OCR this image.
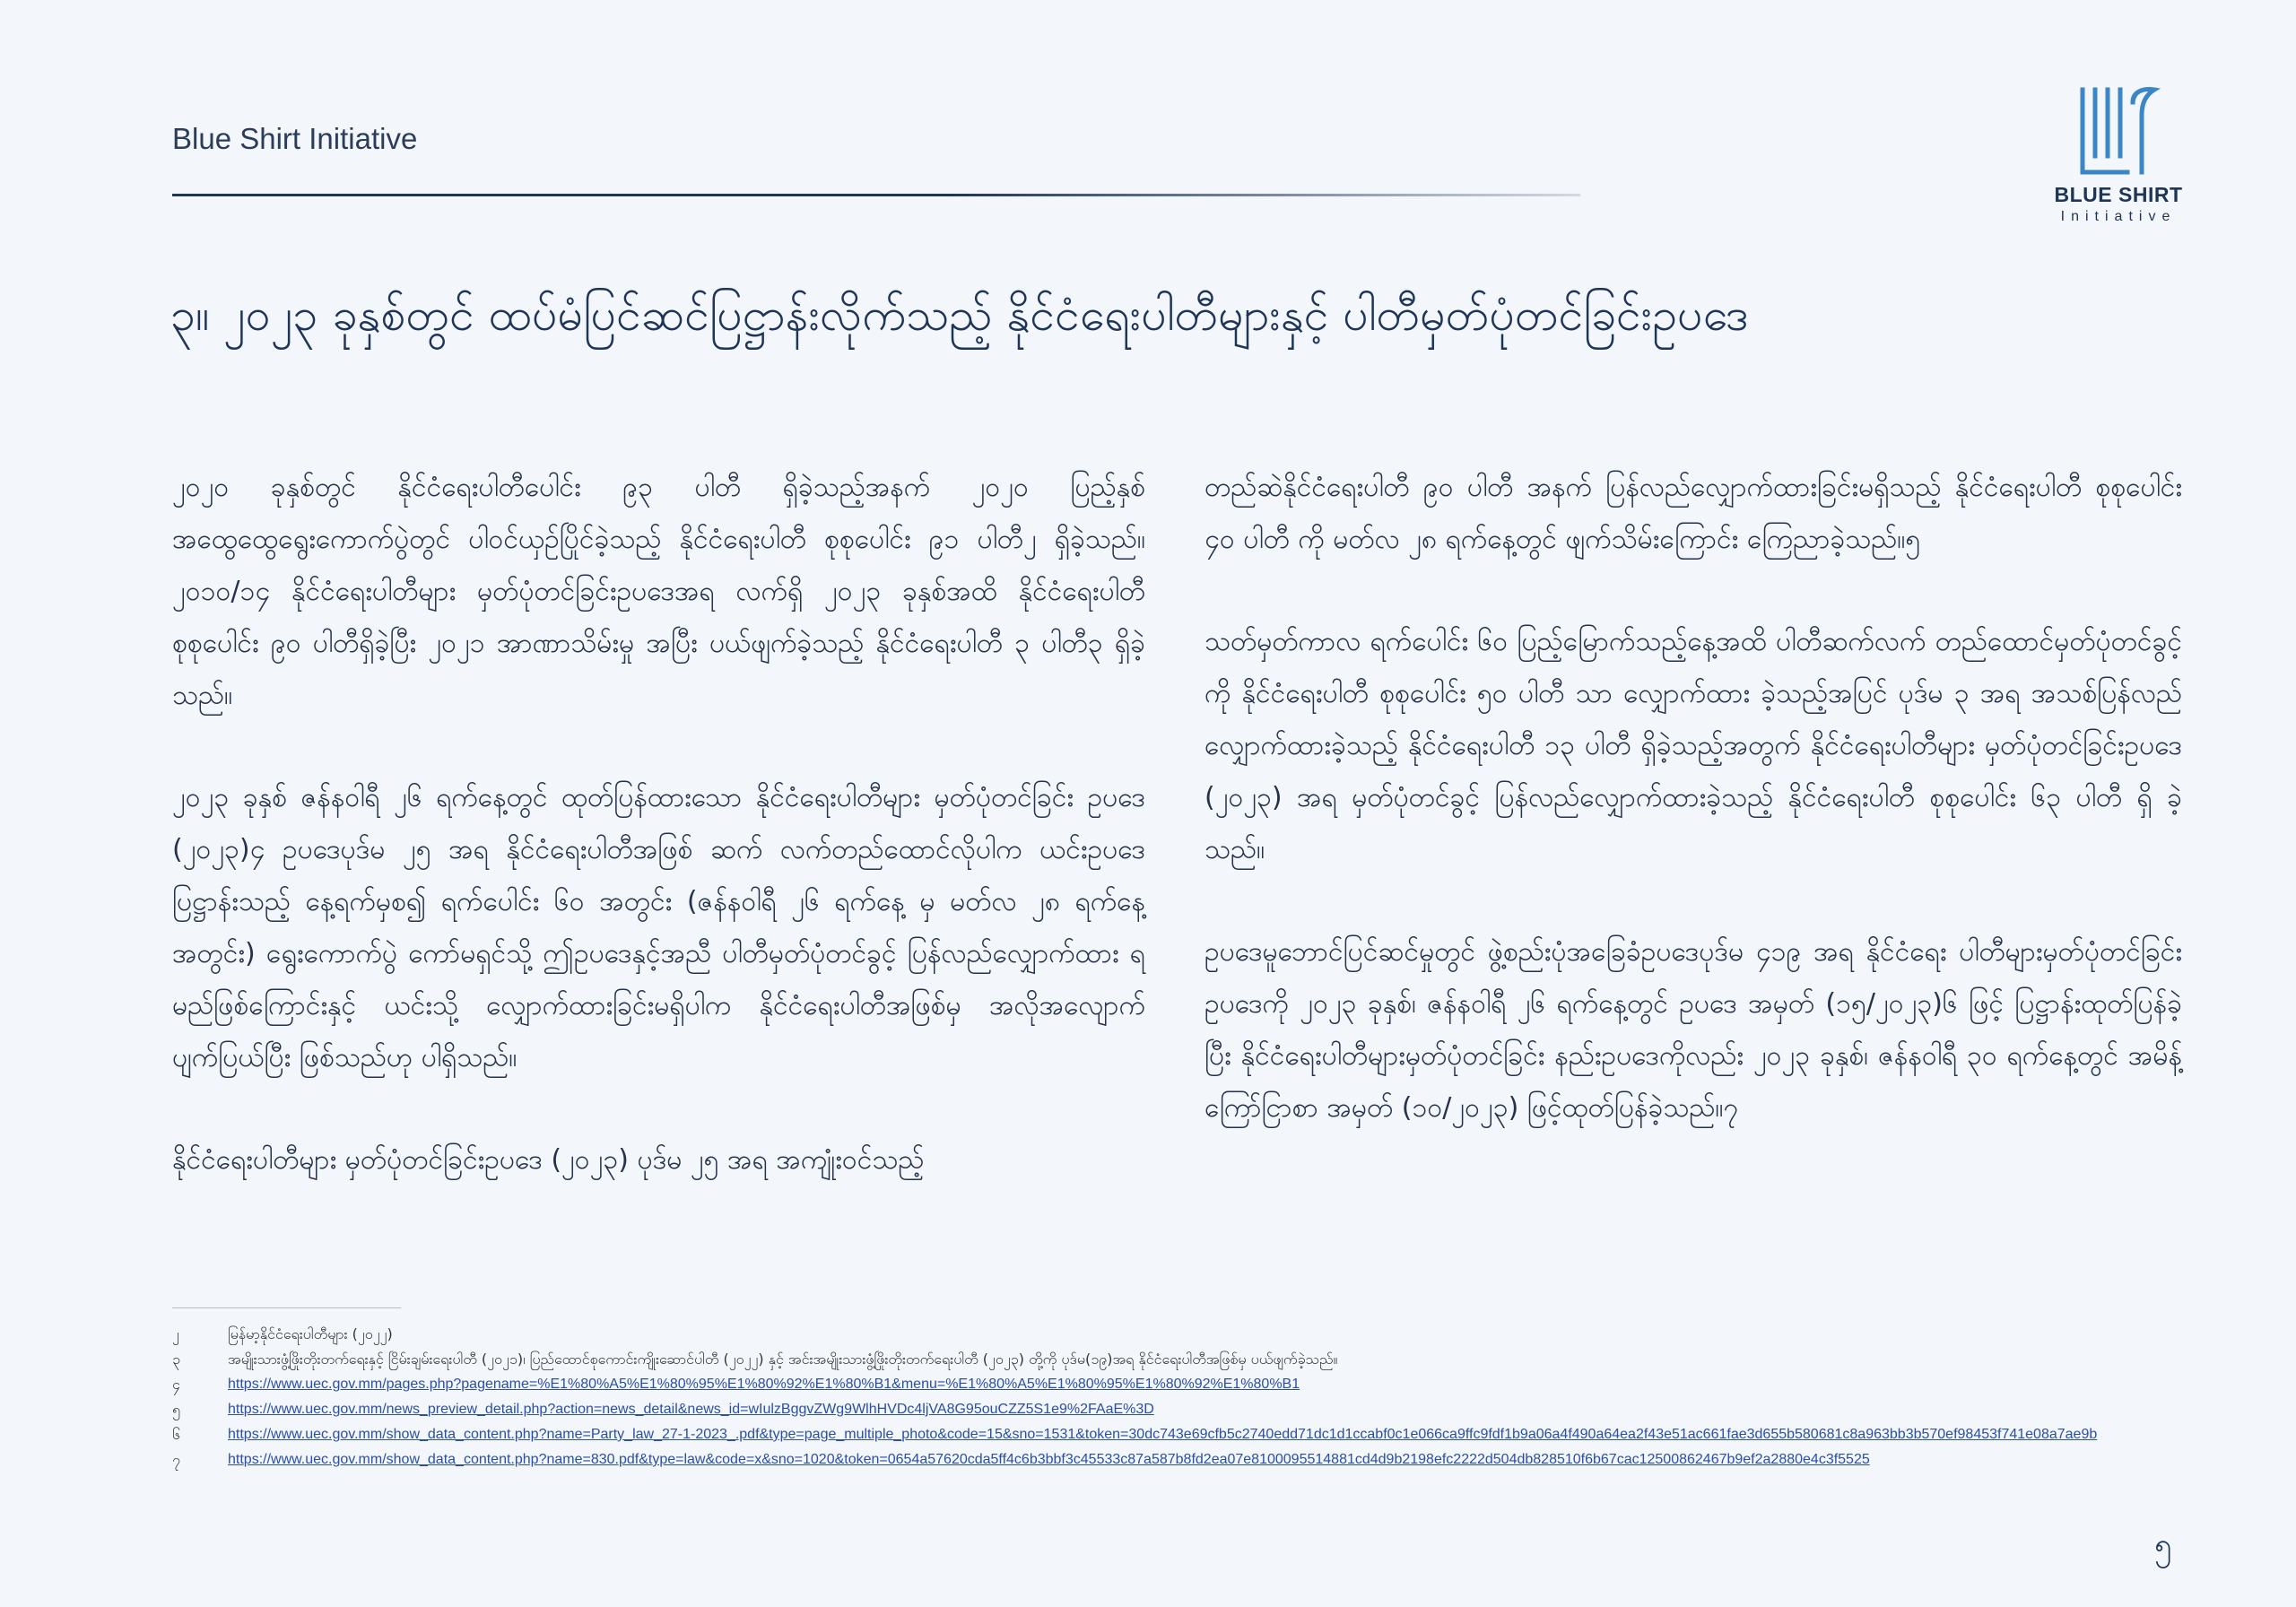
Blue Shirt Initiative
BLUE SHIRT
Initiative
၃။ ၂၀၂၃ ခုနှစ်တွင် ထပ်မံပြင်ဆင်ပြဋ္ဌာန်းလိုက်သည့် နိုင်ငံရေးပါတီများနှင့် ပါတီမှတ်ပုံတင်ခြင်းဥပဒေ

၂၀၂၀ ခုနှစ်တွင် နိုင်ငံရေးပါတီပေါင်း ၉၃ ပါတီ ရှိခဲ့သည့်အနက် ၂၀၂၀ ပြည့်နှစ် အထွေထွေရွေးကောက်ပွဲတွင် ပါဝင်ယှဉ်ပြိုင်ခဲ့သည့် နိုင်ငံရေးပါတီ စုစုပေါင်း ၉၁ ပါတီ၂ ရှိခဲ့သည်။ ၂၀၁၀/၁၄ နိုင်ငံရေးပါတီများ မှတ်ပုံတင်ခြင်းဥပဒေအရ လက်ရှိ ၂၀၂၃ ခုနှစ်အထိ နိုင်ငံရေးပါတီ စုစုပေါင်း ၉၀ ပါတီရှိခဲ့ပြီး ၂၀၂၁ အာဏာသိမ်းမှု အပြီး ပယ်ဖျက်ခဲ့သည့် နိုင်ငံရေးပါတီ ၃ ပါတီ၃ ရှိခဲ့သည်။

၂၀၂၃ ခုနှစ် ဇန်နဝါရီ ၂၆ ရက်နေ့တွင် ထုတ်ပြန်ထားသော နိုင်ငံရေးပါတီများ မှတ်ပုံတင်ခြင်း ဥပဒေ (၂၀၂၃)၄ ဥပဒေပုဒ်မ ၂၅ အရ နိုင်ငံရေးပါတီအဖြစ် ဆက် လက်တည်ထောင်လိုပါက ယင်းဥပဒေပြဋ္ဌာန်းသည့် နေ့ရက်မှစ၍ ရက်ပေါင်း ၆၀ အတွင်း (ဇန်နဝါရီ ၂၆ ရက်နေ့ မှ မတ်လ ၂၈ ရက်နေ့ အတွင်း) ရွေးကောက်ပွဲ ကော်မရှင်သို့ ဤဥပဒေနှင့်အညီ ပါတီမှတ်ပုံတင်ခွင့် ပြန်လည်လျှောက်ထား ရမည်ဖြစ်ကြောင်းနှင့် ယင်းသို့ လျှောက်ထားခြင်းမရှိပါက နိုင်ငံရေးပါတီအဖြစ်မှ အလိုအလျောက် ပျက်ပြယ်ပြီး ဖြစ်သည်ဟု ပါရှိသည်။

နိုင်ငံရေးပါတီများ မှတ်ပုံတင်ခြင်းဥပဒေ (၂၀၂၃) ပုဒ်မ ၂၅ အရ အကျုံးဝင်သည့်

တည်ဆဲနိုင်ငံရေးပါတီ ၉၀ ပါတီ အနက် ပြန်လည်လျှောက်ထားခြင်းမရှိသည့် နိုင်ငံရေးပါတီ စုစုပေါင်း ၄၀ ပါတီ ကို မတ်လ ၂၈ ရက်နေ့တွင် ဖျက်သိမ်းကြောင်း ကြေညာခဲ့သည်။၅

သတ်မှတ်ကာလ ရက်ပေါင်း ၆၀ ပြည့်မြောက်သည့်နေ့အထိ ပါတီဆက်လက် တည်ထောင်မှတ်ပုံတင်ခွင့်ကို နိုင်ငံရေးပါတီ စုစုပေါင်း ၅၀ ပါတီ သာ လျှောက်ထား ခဲ့သည့်အပြင် ပုဒ်မ ၃ အရ အသစ်ပြန်လည်လျှောက်ထားခဲ့သည့် နိုင်ငံရေးပါတီ ၁၃ ပါတီ ရှိခဲ့သည့်အတွက် နိုင်ငံရေးပါတီများ မှတ်ပုံတင်ခြင်းဥပဒေ (၂၀၂၃) အရ မှတ်ပုံတင်ခွင့် ပြန်လည်လျှောက်ထားခဲ့သည့် နိုင်ငံရေးပါတီ စုစုပေါင်း ၆၃ ပါတီ ရှိ ခဲ့သည်။

ဥပဒေမူဘောင်ပြင်ဆင်မှုတွင် ဖွဲ့စည်းပုံအခြေခံဥပဒေပုဒ်မ ၄၁၉ အရ နိုင်ငံရေး ပါတီများမှတ်ပုံတင်ခြင်း ဥပဒေကို ၂၀၂၃ ခုနှစ်၊ ဇန်နဝါရီ ၂၆ ရက်နေ့တွင် ဥပဒေ အမှတ် (၁၅/၂၀၂၃)၆ ဖြင့် ပြဋ္ဌာန်းထုတ်ပြန်ခဲ့ပြီး နိုင်ငံရေးပါတီများမှတ်ပုံတင်ခြင်း နည်းဥပဒေကိုလည်း ၂၀၂၃ ခုနှစ်၊ ဇန်နဝါရီ ၃၀ ရက်နေ့တွင် အမိန့်ကြော်ငြာစာ အမှတ် (၁၀/၂၀၂၃) ဖြင့်ထုတ်ပြန်ခဲ့သည်။၇

၂	မြန်မာ့နိုင်ငံရေးပါတီများ (၂၀၂၂)
၃	အမျိုးသားဖွံ့ဖြိုးတိုးတက်ရေးနှင့် ငြိမ်းချမ်းရေးပါတီ (၂၀၂၁)၊ ပြည်ထောင်စုကောင်းကျိုးဆောင်ပါတီ (၂၀၂၂) နှင့် အင်းအမျိုးသားဖွံ့ဖြိုးတိုးတက်ရေးပါတီ (၂၀၂၃) တို့ကို ပုဒ်မ(၁၉)အရ နိုင်ငံရေးပါတီအဖြစ်မှ ပယ်ဖျက်ခဲ့သည်။
၄	https://www.uec.gov.mm/pages.php?pagename=%E1%80%A5%E1%80%95%E1%80%92%E1%80%B1&menu=%E1%80%A5%E1%80%95%E1%80%92%E1%80%B1
၅	https://www.uec.gov.mm/news_preview_detail.php?action=news_detail&news_id=wIulzBggvZWg9WlhHVDc4ljVA8G95ouCZZ5S1e9%2FAaE%3D
၆	https://www.uec.gov.mm/show_data_content.php?name=Party_law_27-1-2023_.pdf&type=page_multiple_photo&code=15&sno=1531&token=30dc743e69cfb5c2740edd71dc1d1ccabf0c1e066ca9ffc9fdf1b9a06a4f490a64ea2f43e51ac661fae3d655b580681c8a963bb3b570ef98453f741e08a7ae9b
၇	https://www.uec.gov.mm/show_data_content.php?name=830.pdf&type=law&code=x&sno=1020&token=0654a57620cda5ff4c6b3bbf3c45533c87a587b8fd2ea07e8100095514881cd4d9b2198efc2222d504db828510f6b67cac12500862467b9ef2a2880e4c3f5525
၅
